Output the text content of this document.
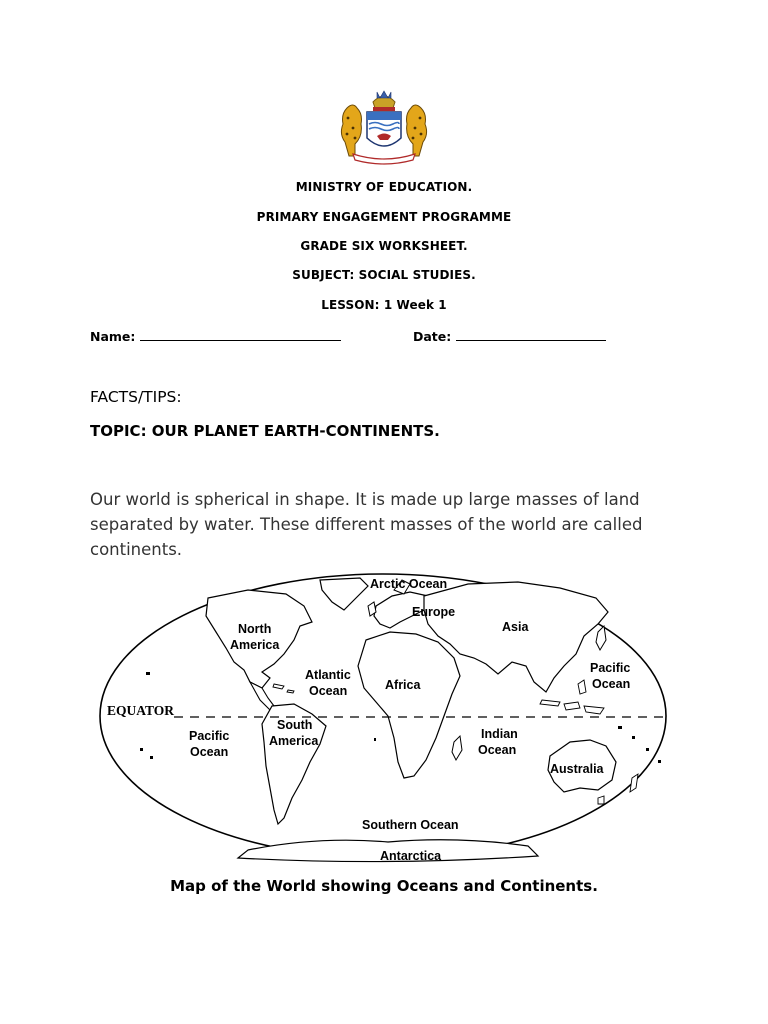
MINISTRY OF EDUCATION.
PRIMARY ENGAGEMENT PROGRAMME
GRADE SIX WORKSHEET.
SUBJECT: SOCIAL STUDIES.
LESSON: 1 Week 1
Name:	Date:
FACTS/TIPS:
TOPIC: OUR PLANET EARTH-CONTINENTS.
Our world is spherical in shape. It is made up large masses of land
separated by water. These different masses of the world are called
continents.
Arctic Ocean
Europe
Asia
North
America
Atlantic
Ocean	Africa
Pacific
Ocean
EQUATOR
South
America
Pacific
Ocean
Indian
Ocean
Australia
Southern Ocean
Antarctica
Map of the World showing Oceans and Continents.
